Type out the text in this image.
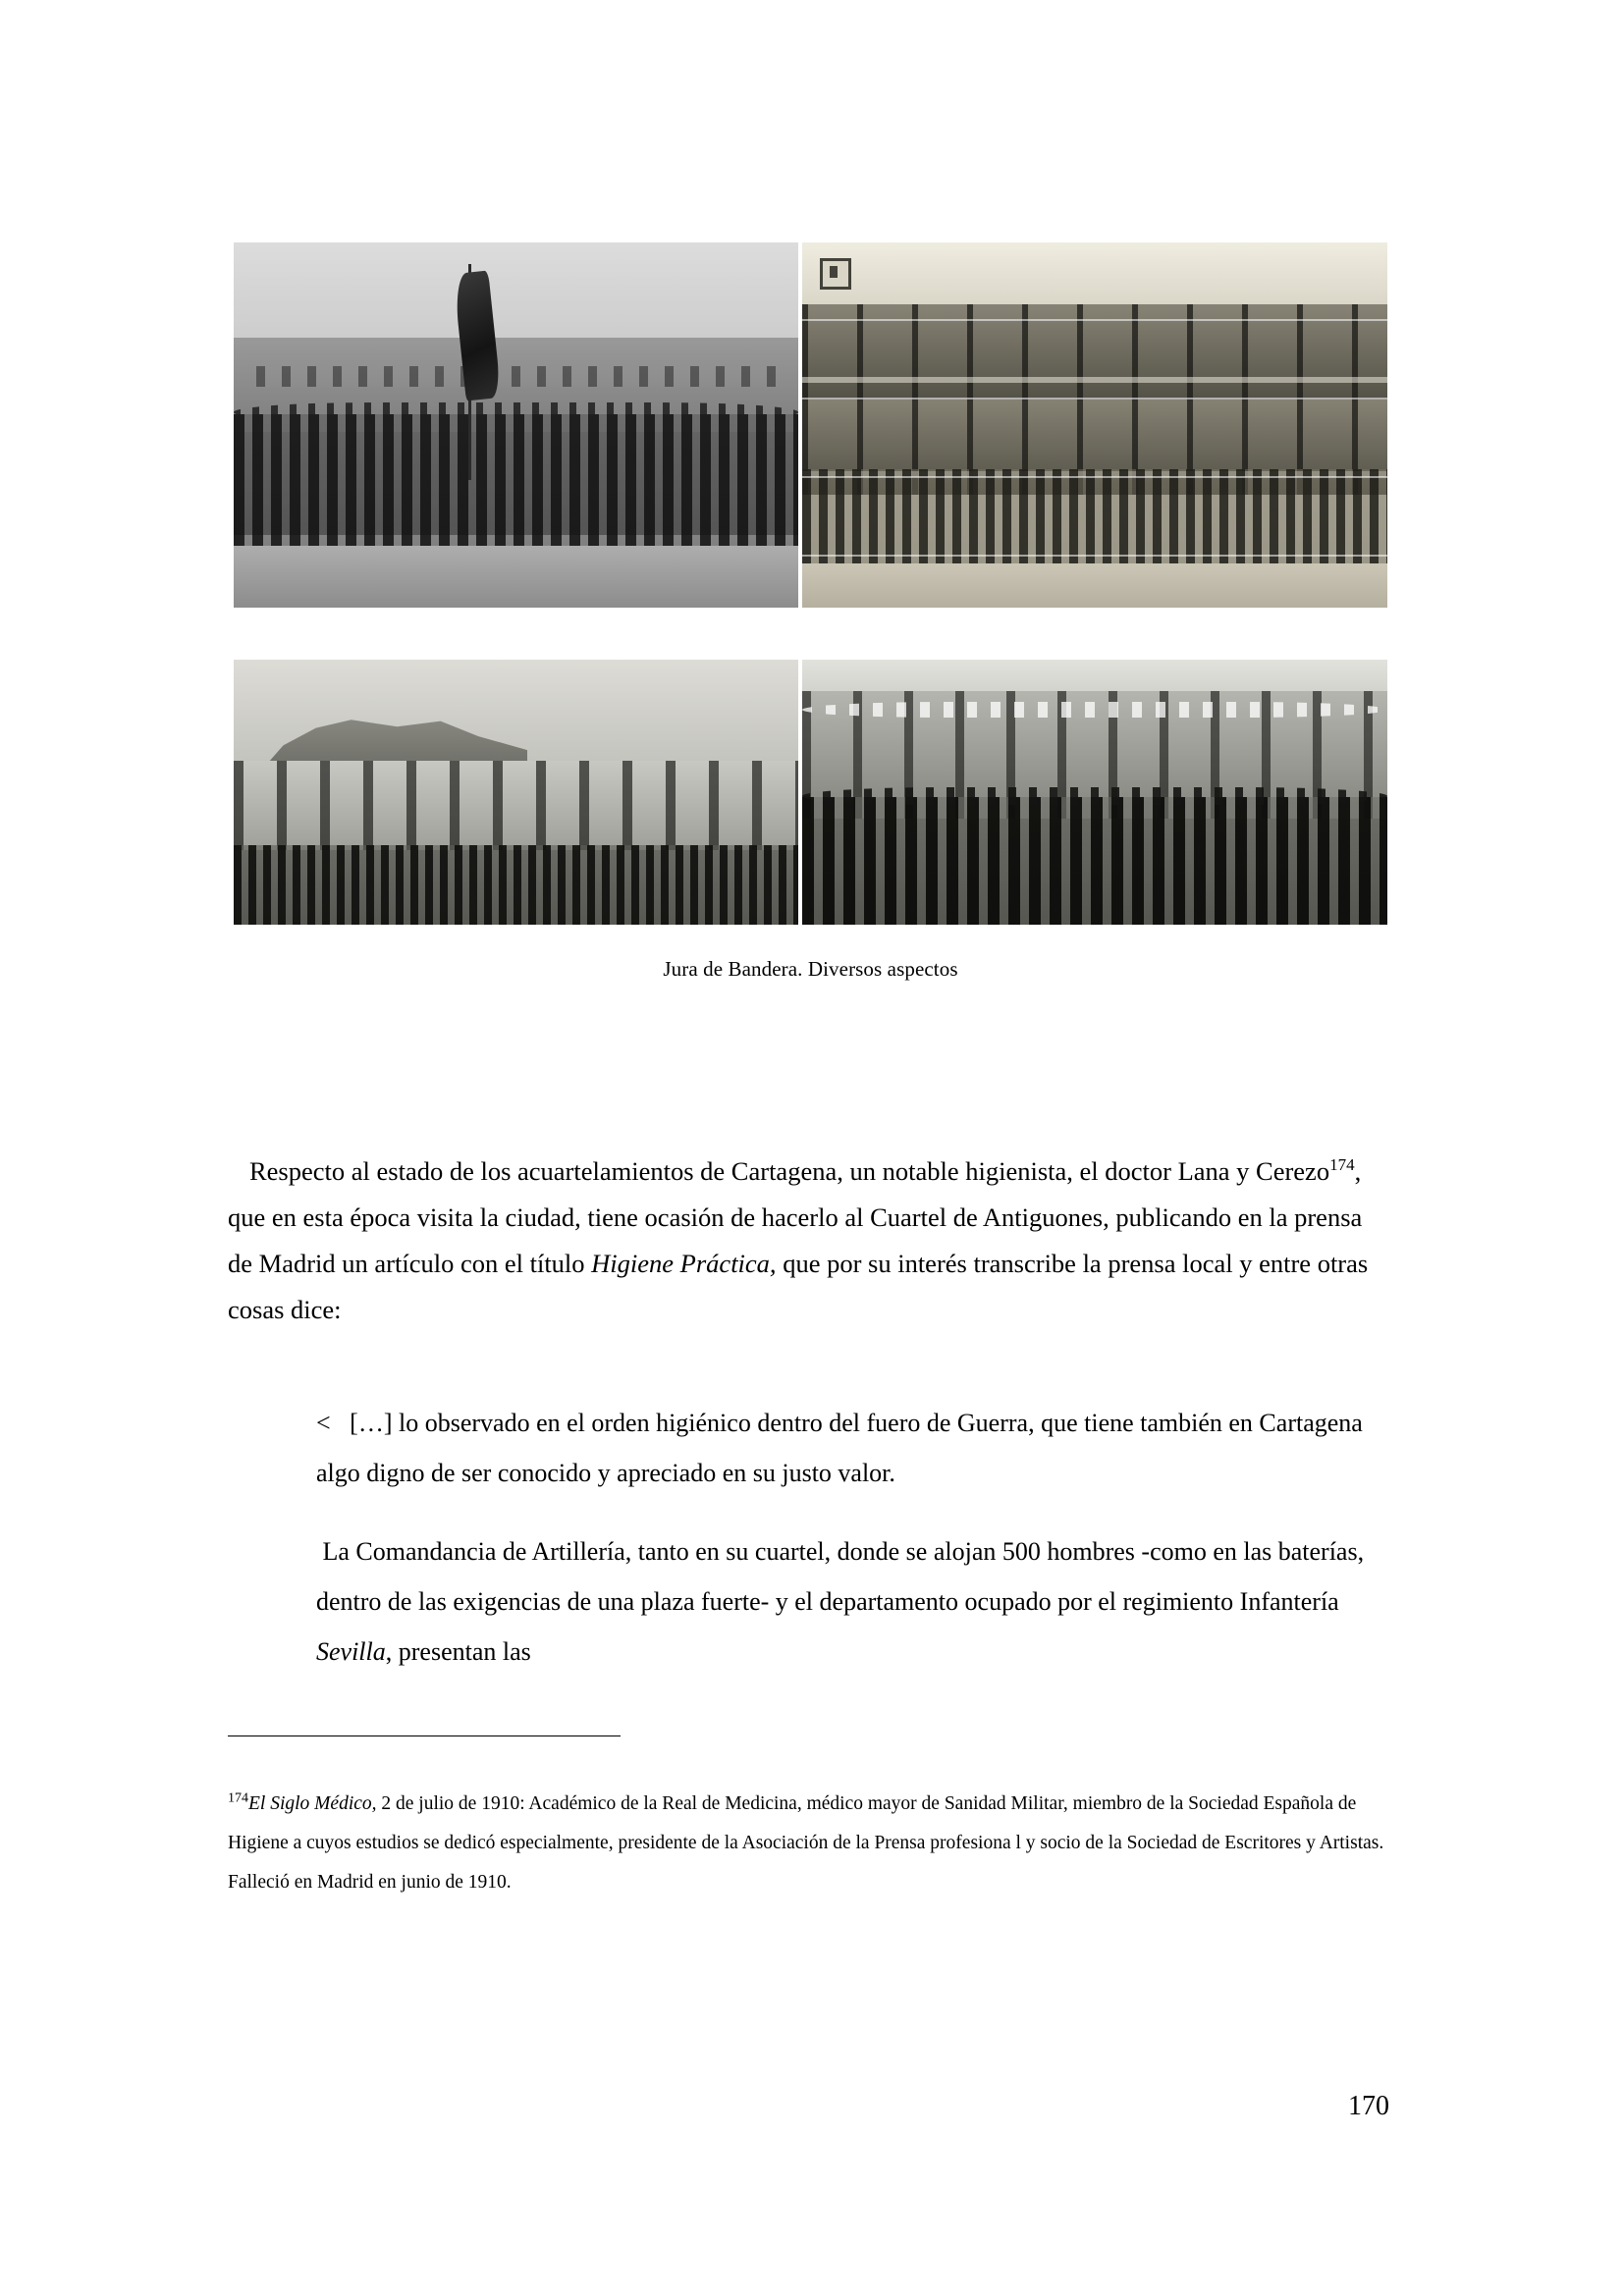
Jura de Bandera. Diversos aspectos

Respecto al estado de los acuartelamientos de Cartagena, un notable higienista, el doctor Lana y Cerezo$^{174}$, que en esta época visita la ciudad, tiene ocasión de hacerlo al Cuartel de Antiguones, publicando en la prensa de Madrid un artículo con el título Higiene Práctica, que por su interés transcribe la prensa local y entre otras cosas dice:

< […] lo observado en el orden higiénico dentro del fuero de Guerra, que tiene también en Cartagena algo digno de ser conocido y apreciado en su justo valor.

La Comandancia de Artillería, tanto en su cuartel, donde se alojan 500 hombres -como en las baterías, dentro de las exigencias de una plaza fuerte- y el departamento ocupado por el regimiento Infantería Sevilla, presentan las

$^{174}$El Siglo Médico, 2 de julio de 1910: Académico de la Real de Medicina, médico mayor de Sanidad Militar, miembro de la Sociedad Española de Higiene a cuyos estudios se dedicó especialmente, presidente de la Asociación de la Prensa profesiona l y socio de la Sociedad de Escritores y Artistas. Falleció en Madrid en junio de 1910.
170
